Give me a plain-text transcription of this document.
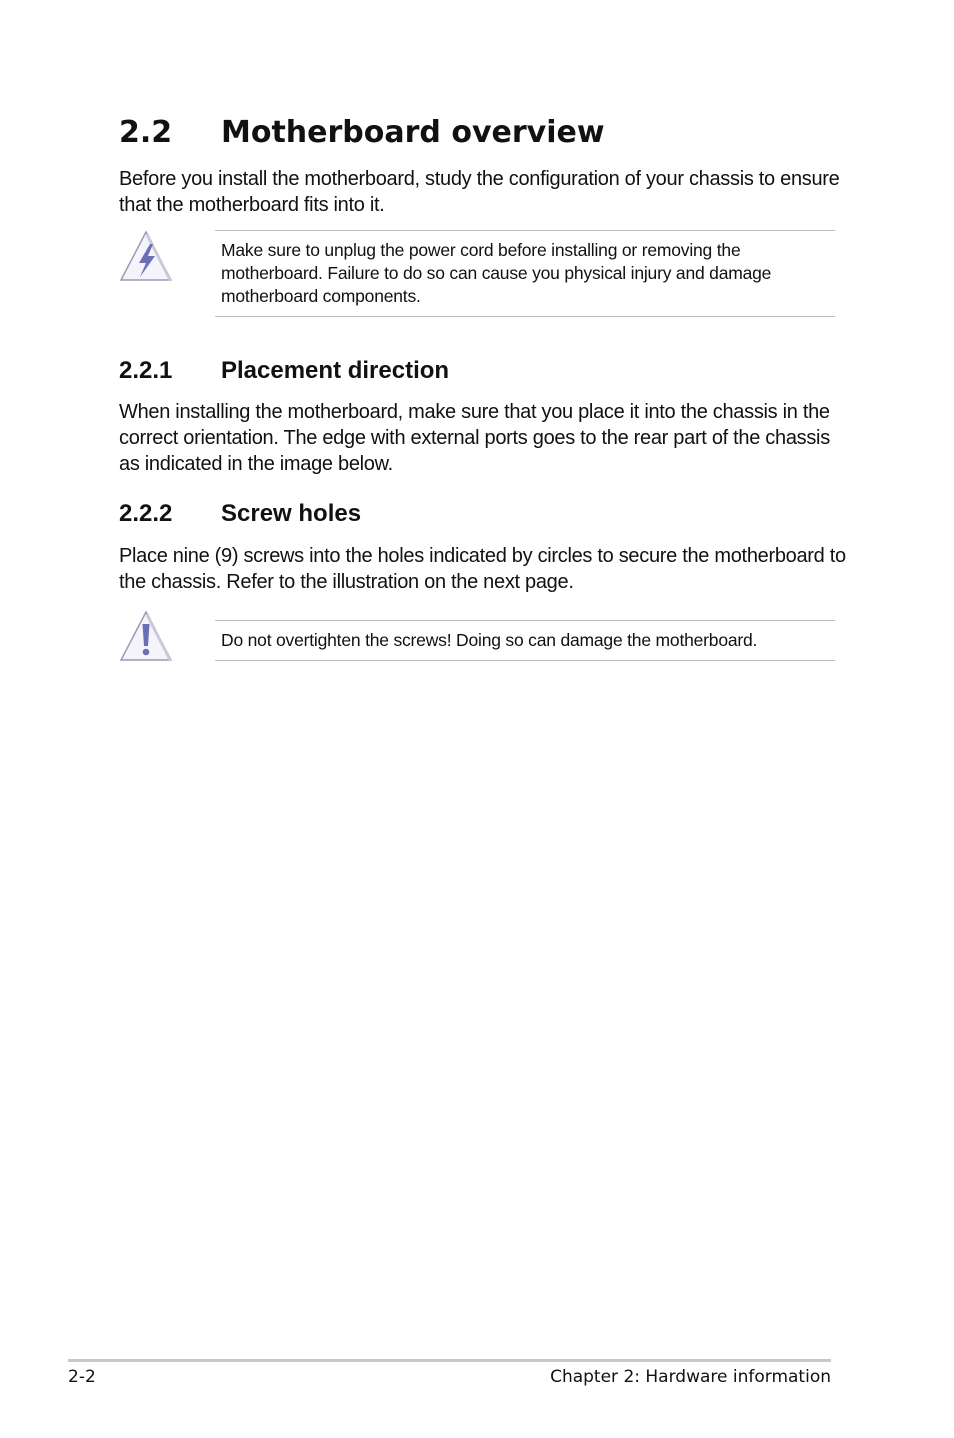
2.2 Motherboard overview

Before you install the motherboard, study the configuration of your chassis to ensure that the motherboard fits into it.

Make sure to unplug the power cord before installing or removing the motherboard. Failure to do so can cause you physical injury and damage motherboard components.

2.2.1 Placement direction

When installing the motherboard, make sure that you place it into the chassis in the correct orientation. The edge with external ports goes to the rear part of the chassis as indicated in the image below.

2.2.2 Screw holes

Place nine (9) screws into the holes indicated by circles to secure the motherboard to the chassis. Refer to the illustration on the next page.

Do not overtighten the screws! Doing so can damage the motherboard.

2-2	Chapter 2: Hardware information
